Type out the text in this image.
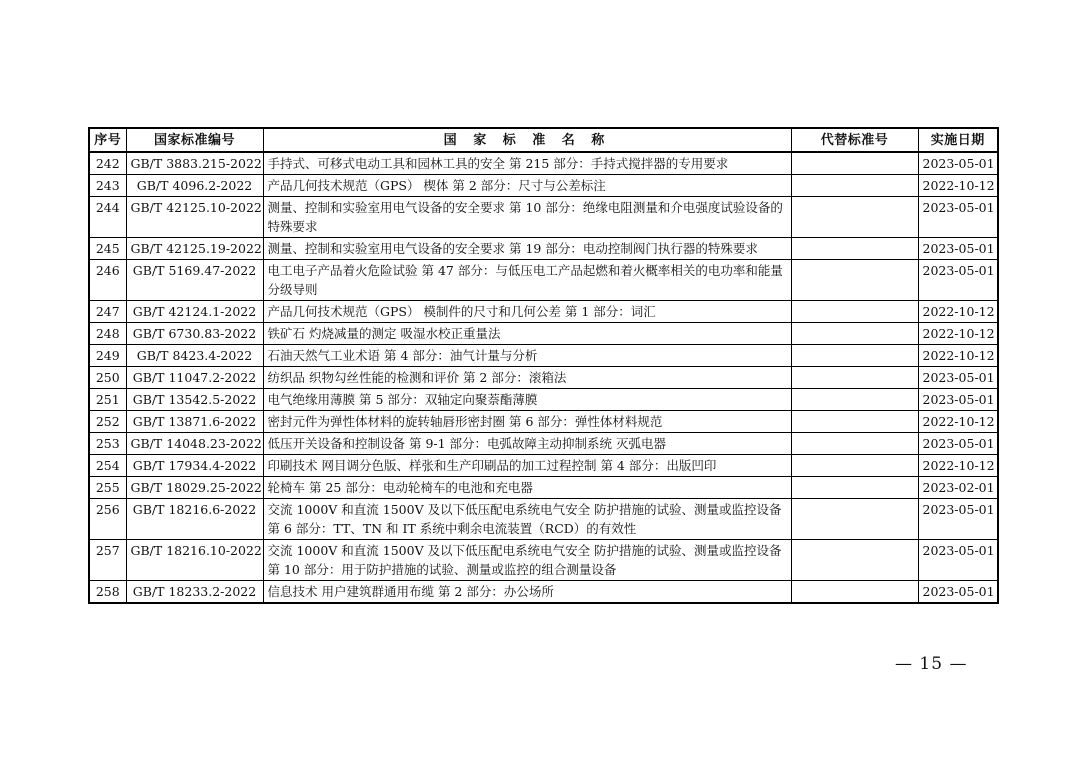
序号	国家标准编号	国 家 标 准 名 称	代替标准号	实施日期
242	GB/T 3883.215-2022	手持式、可移式电动工具和园林工具的安全 第 215 部分：手持式搅拌器的专用要求		2023-05-01
243	GB/T 4096.2-2022	产品几何技术规范（GPS） 楔体 第 2 部分：尺寸与公差标注		2022-10-12
244	GB/T 42125.10-2022	测量、控制和实验室用电气设备的安全要求 第 10 部分：绝缘电阻测量和介电强度试验设备的特殊要求		2023-05-01
245	GB/T 42125.19-2022	测量、控制和实验室用电气设备的安全要求 第 19 部分：电动控制阀门执行器的特殊要求		2023-05-01
246	GB/T 5169.47-2022	电工电子产品着火危险试验 第 47 部分：与低压电工产品起燃和着火概率相关的电功率和能量分级导则		2023-05-01
247	GB/T 42124.1-2022	产品几何技术规范（GPS） 模制件的尺寸和几何公差 第 1 部分：词汇		2022-10-12
248	GB/T 6730.83-2022	铁矿石 灼烧减量的测定 吸湿水校正重量法		2022-10-12
249	GB/T 8423.4-2022	石油天然气工业术语 第 4 部分：油气计量与分析		2022-10-12
250	GB/T 11047.2-2022	纺织品 织物勾丝性能的检测和评价 第 2 部分：滚箱法		2023-05-01
251	GB/T 13542.5-2022	电气绝缘用薄膜 第 5 部分：双轴定向聚萘酯薄膜		2023-05-01
252	GB/T 13871.6-2022	密封元件为弹性体材料的旋转轴唇形密封圈 第 6 部分：弹性体材料规范		2022-10-12
253	GB/T 14048.23-2022	低压开关设备和控制设备 第 9-1 部分：电弧故障主动抑制系统 灭弧电器		2023-05-01
254	GB/T 17934.4-2022	印刷技术 网目调分色版、样张和生产印刷品的加工过程控制 第 4 部分：出版凹印		2022-10-12
255	GB/T 18029.25-2022	轮椅车 第 25 部分：电动轮椅车的电池和充电器		2023-02-01
256	GB/T 18216.6-2022	交流 1000V 和直流 1500V 及以下低压配电系统电气安全 防护措施的试验、测量或监控设备 第 6 部分：TT、TN 和 IT 系统中剩余电流装置（RCD）的有效性		2023-05-01
257	GB/T 18216.10-2022	交流 1000V 和直流 1500V 及以下低压配电系统电气安全 防护措施的试验、测量或监控设备 第 10 部分：用于防护措施的试验、测量或监控的组合测量设备		2023-05-01
258	GB/T 18233.2-2022	信息技术 用户建筑群通用布缆 第 2 部分：办公场所		2023-05-01
— 15 —
